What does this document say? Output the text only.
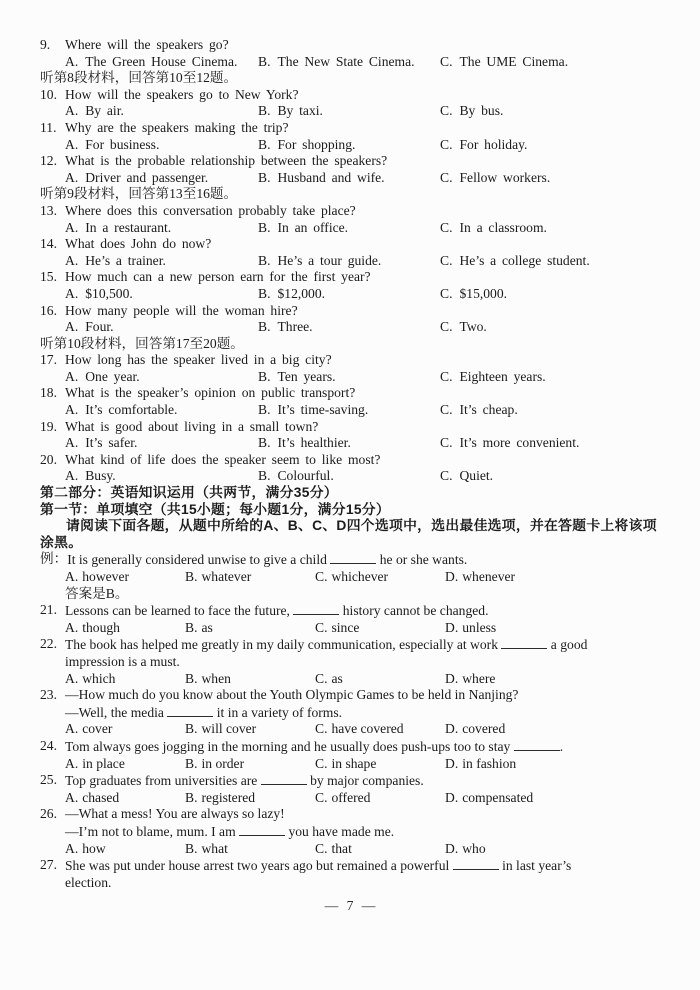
9.	Where will the speakers go?
A. The Green House Cinema.	B. The New State Cinema.	C. The UME Cinema.
听第8段材料，回答第10至12题。
10. How will the speakers go to New York?
A. By air.	B. By taxi.	C. By bus.
11. Why are the speakers making the trip?
A. For business.	B. For shopping.	C. For holiday.
12. What is the probable relationship between the speakers?
A. Driver and passenger.	B. Husband and wife.	C. Fellow workers.
听第9段材料，回答第13至16题。
13. Where does this conversation probably take place?
A. In a restaurant.	B. In an office.	C. In a classroom.
14. What does John do now?
A. He’s a trainer.	B. He’s a tour guide.	C. He’s a college student.
15. How much can a new person earn for the first year?
A. $10,500.	B. $12,000.	C. $15,000.
16. How many people will the woman hire?
A. Four.	B. Three.	C. Two.
听第10段材料，回答第17至20题。
17. How long has the speaker lived in a big city?
A. One year.	B. Ten years.	C. Eighteen years.
18. What is the speaker’s opinion on public transport?
A. It’s comfortable.	B. It’s time-saving.	C. It’s cheap.
19. What is good about living in a small town?
A. It’s safer.	B. It’s healthier.	C. It’s more convenient.
20. What kind of life does the speaker seem to like most?
A. Busy.	B. Colourful.	C. Quiet.
第二部分：英语知识运用（共两节，满分35分）
第一节：单项填空（共15小题；每小题1分，满分15分）
请阅读下面各题，从题中所给的A、B、C、D四个选项中，选出最佳选项，并在答题卡上将该项涂黑。
例： It is generally considered unwise to give a child	he or she wants.
A. however	B. whatever	C. whichever	D. whenever
答案是B。
21. Lessons can be learned to face the future,	history cannot be changed.
A. though	B. as	C. since	D. unless
22. The book has helped me greatly in my daily communication, especially at work	a good
impression is a must.
A. which	B. when	C. as	D. where
23. —How much do you know about the Youth Olympic Games to be held in Nanjing?
—Well, the media	it in a variety of forms.
A. cover	B. will cover	C. have covered	D. covered
24. Tom always goes jogging in the morning and he usually does push-ups too to stay	.
A. in place	B. in order	C. in shape	D. in fashion
25. Top graduates from universities are	by major companies.
A. chased	B. registered	C. offered	D. compensated
26. —What a mess! You are always so lazy!
—I’m not to blame, mum. I am	you have made me.
A. how	B. what	C. that	D. who
27. She was put under house arrest two years ago but remained a powerful	in last year’s
election.
— 7 —
